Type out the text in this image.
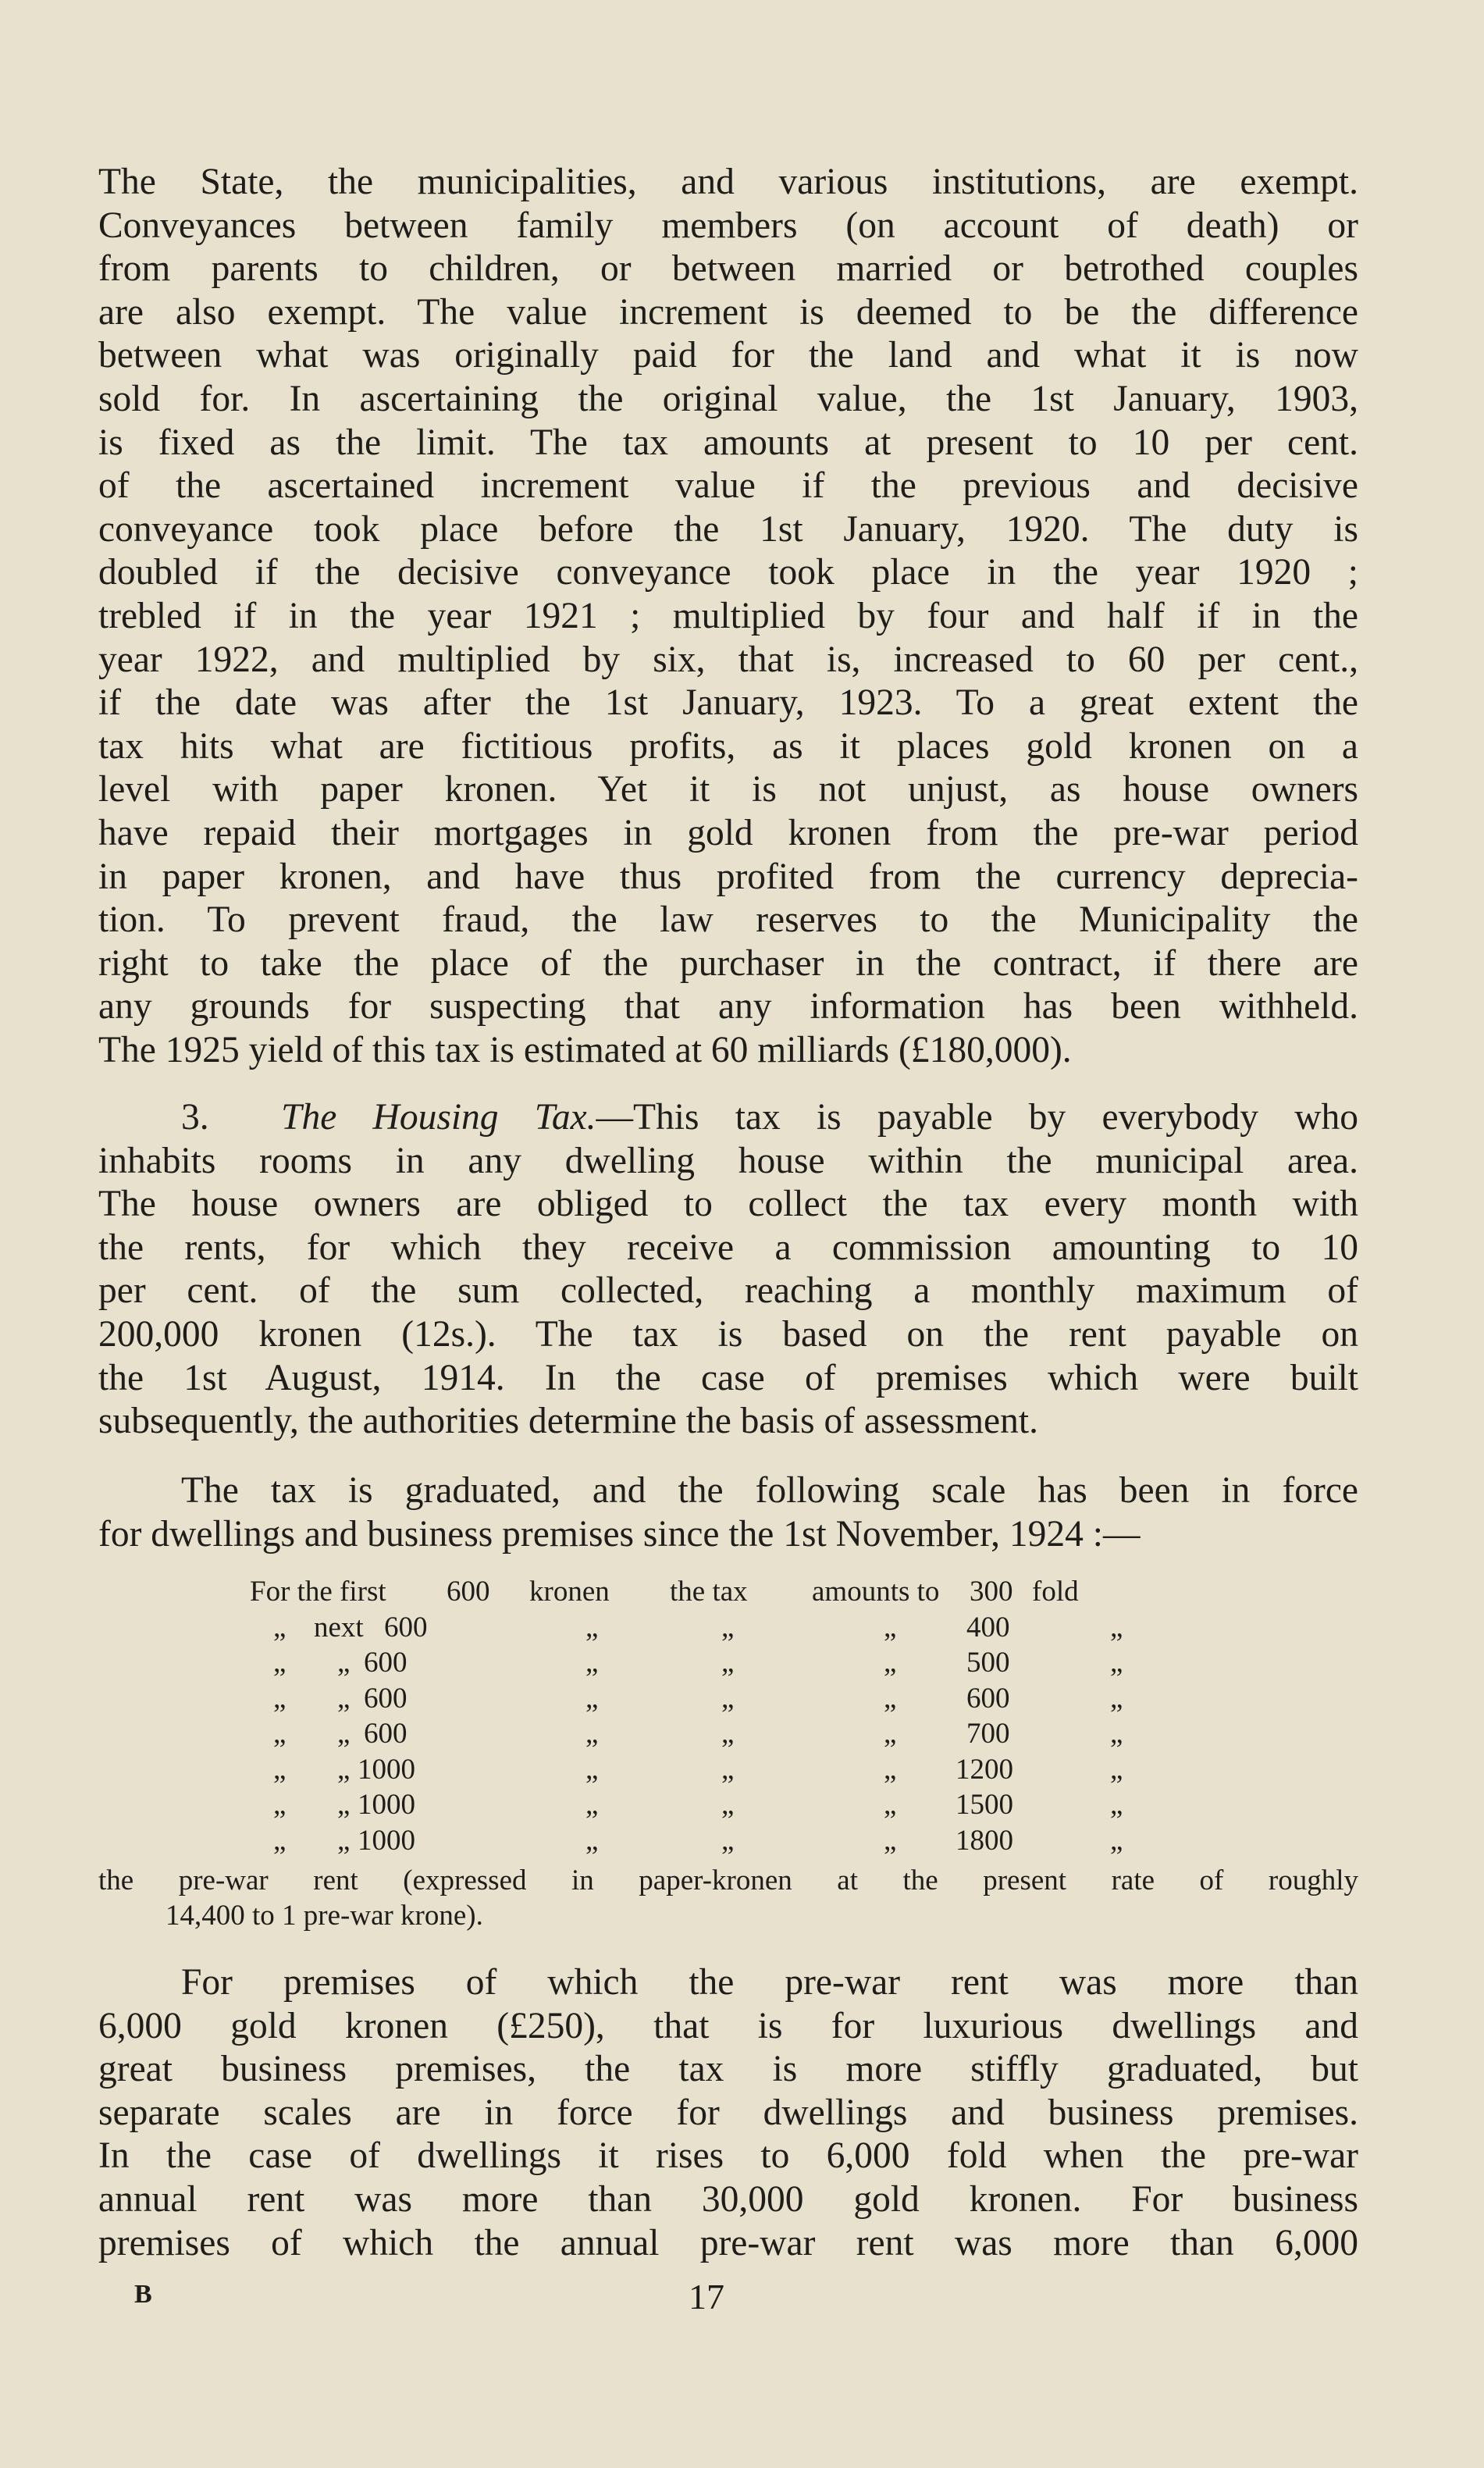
The State, the municipalities, and various institutions, are exempt.
Conveyances between family members (on account of death) or
from parents to children, or between married or betrothed couples
are also exempt. The value increment is deemed to be the difference
between what was originally paid for the land and what it is now
sold for. In ascertaining the original value, the 1st January, 1903,
is fixed as the limit. The tax amounts at present to 10 per cent.
of the ascertained increment value if the previous and decisive
conveyance took place before the 1st January, 1920. The duty is
doubled if the decisive conveyance took place in the year 1920 ;
trebled if in the year 1921 ; multiplied by four and half if in the
year 1922, and multiplied by six, that is, increased to 60 per cent.,
if the date was after the 1st January, 1923. To a great extent the
tax hits what are fictitious profits, as it places gold kronen on a
level with paper kronen. Yet it is not unjust, as house owners
have repaid their mortgages in gold kronen from the pre-war period
in paper kronen, and have thus profited from the currency deprecia-
tion. To prevent fraud, the law reserves to the Municipality the
right to take the place of the purchaser in the contract, if there are
any grounds for suspecting that any information has been withheld.
The 1925 yield of this tax is estimated at 60 milliards (£180,000).
3. The Housing Tax.—This tax is payable by everybody who
inhabits rooms in any dwelling house within the municipal area.
The house owners are obliged to collect the tax every month with
the rents, for which they receive a commission amounting to 10
per cent. of the sum collected, reaching a monthly maximum of
200,000 kronen (12s.). The tax is based on the rent payable on
the 1st August, 1914. In the case of premises which were built
subsequently, the authorities determine the basis of assessment.
The tax is graduated, and the following scale has been in force
for dwellings and business premises since the 1st November, 1924 :—
For the first 600 kronen the tax amounts to 300 fold
„ next 600	„	„	„ 400	„
„ „ 600	„	„	„ 500	„
„ „ 600	„	„	„ 600	„
„ „ 600	„	„	„ 700	„
„ „ 1000	„	„	„ 1200	„
„ „ 1000	„	„	„ 1500	„
„ „ 1000	„	„	„ 1800	„
the pre-war rent (expressed in paper-kronen at the present rate of roughly
14,400 to 1 pre-war krone).
For premises of which the pre-war rent was more than
6,000 gold kronen (£250), that is for luxurious dwellings and
great business premises, the tax is more stiffly graduated, but
separate scales are in force for dwellings and business premises.
In the case of dwellings it rises to 6,000 fold when the pre-war
annual rent was more than 30,000 gold kronen. For business
premises of which the annual pre-war rent was more than 6,000
B	17
